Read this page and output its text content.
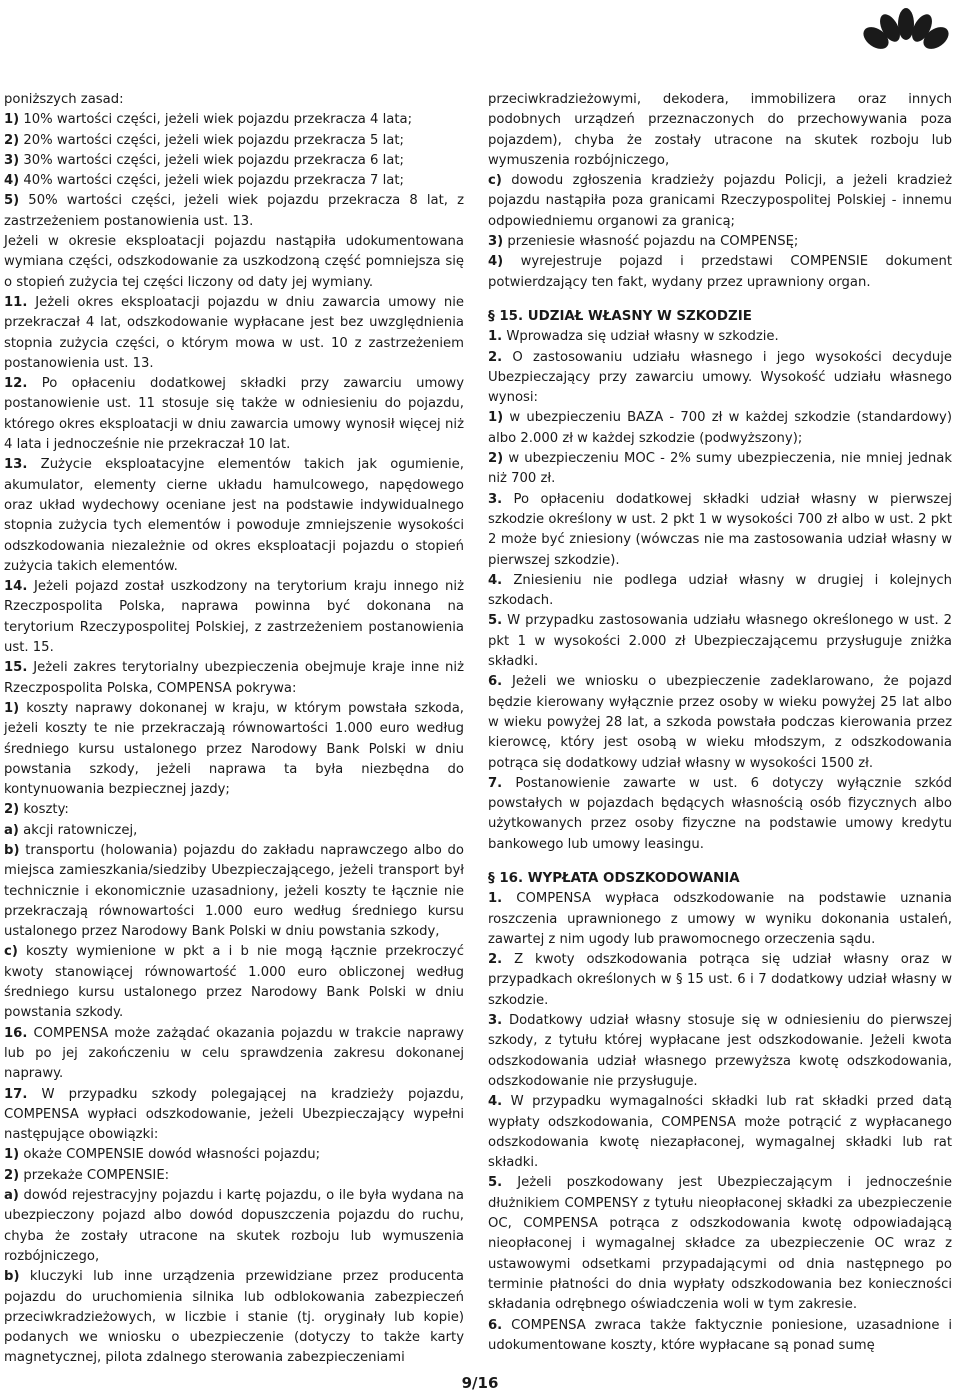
poniższych zasad:

1) 10% wartości części, jeżeli wiek pojazdu przekracza 4 lata;

2) 20% wartości części, jeżeli wiek pojazdu przekracza 5 lat;

3) 30% wartości części, jeżeli wiek pojazdu przekracza 6 lat;

4) 40% wartości części, jeżeli wiek pojazdu przekracza 7 lat;

5) 50% wartości części, jeżeli wiek pojazdu przekracza 8 lat, z zastrzeżeniem postanowienia ust. 13.

Jeżeli w okresie eksploatacji pojazdu nastąpiła udokumentowana wymiana części, odszkodowanie za uszkodzoną część pomniejsza się o stopień zużycia tej części liczony od daty jej wymiany.

11. Jeżeli okres eksploatacji pojazdu w dniu zawarcia umowy nie przekraczał 4 lat, odszkodowanie wypłacane jest bez uwzględnienia stopnia zużycia części, o którym mowa w ust. 10 z zastrzeżeniem postanowienia ust. 13.

12. Po opłaceniu dodatkowej składki przy zawarciu umowy postanowienie ust. 11 stosuje się także w odniesieniu do pojazdu, którego okres eksploatacji w dniu zawarcia umowy wynosił więcej niż 4 lata i jednocześnie nie przekraczał 10 lat.

13. Zużycie eksploatacyjne elementów takich jak ogumienie, akumulator, elementy cierne układu hamulcowego, napędowego oraz układ wydechowy oceniane jest na podstawie indywidualnego stopnia zużycia tych elementów i powoduje zmniejszenie wysokości odszkodowania niezależnie od okres eksploatacji pojazdu o stopień zużycia takich elementów.

14. Jeżeli pojazd został uszkodzony na terytorium kraju innego niż Rzeczpospolita Polska, naprawa powinna być dokonana na terytorium Rzeczypospolitej Polskiej, z zastrzeżeniem postanowienia ust. 15.

15. Jeżeli zakres terytorialny ubezpieczenia obejmuje kraje inne niż Rzeczpospolita Polska, COMPENSA pokrywa:

1) koszty naprawy dokonanej w kraju, w którym powstała szkoda, jeżeli koszty te nie przekraczają równowartości 1.000 euro według średniego kursu ustalonego przez Narodowy Bank Polski w dniu powstania szkody, jeżeli naprawa ta była niezbędna do kontynuowania bezpiecznej jazdy;

2) koszty:

a) akcji ratowniczej,

b) transportu (holowania) pojazdu do zakładu naprawczego albo do miejsca zamieszkania/siedziby Ubezpieczającego, jeżeli transport był technicznie i ekonomicznie uzasadniony, jeżeli koszty te łącznie nie przekraczają równowartości 1.000 euro według średniego kursu ustalonego przez Narodowy Bank Polski w dniu powstania szkody,

c) koszty wymienione w pkt a i b nie mogą łącznie przekroczyć kwoty stanowiącej równowartość 1.000 euro obliczonej według średniego kursu ustalonego przez Narodowy Bank Polski w dniu powstania szkody.

16. COMPENSA może zażądać okazania pojazdu w trakcie naprawy lub po jej zakończeniu w celu sprawdzenia zakresu dokonanej naprawy.

17. W przypadku szkody polegającej na kradzieży pojazdu, COMPENSA wypłaci odszkodowanie, jeżeli Ubezpieczający wypełni następujące obowiązki:

1) okaże COMPENSIE dowód własności pojazdu;

2) przekaże COMPENSIE:

a) dowód rejestracyjny pojazdu i kartę pojazdu, o ile była wydana na ubezpieczony pojazd albo dowód dopuszczenia pojazdu do ruchu, chyba że zostały utracone na skutek rozboju lub wymuszenia rozbójniczego,

b) kluczyki lub inne urządzenia przewidziane przez producenta pojazdu do uruchomienia silnika lub odblokowania zabezpieczeń przeciwkradzieżowych, w liczbie i stanie (tj. oryginały lub kopie) podanych we wniosku o ubezpieczenie (dotyczy to także karty magnetycznej, pilota zdalnego sterowania zabezpieczeniami

przeciwkradzieżowymi, dekodera, immobilizera oraz innych podobnych urządzeń przeznaczonych do przechowywania poza pojazdem), chyba że zostały utracone na skutek rozboju lub wymuszenia rozbójniczego,

c) dowodu zgłoszenia kradzieży pojazdu Policji, a jeżeli kradzież pojazdu nastąpiła poza granicami Rzeczypospolitej Polskiej - innemu odpowiedniemu organowi za granicą;

3) przeniesie własność pojazdu na COMPENSĘ;

4) wyrejestruje pojazd i przedstawi COMPENSIE dokument potwierdzający ten fakt, wydany przez uprawniony organ.

§ 15. UDZIAŁ WŁASNY W SZKODZIE

1. Wprowadza się udział własny w szkodzie.

2. O zastosowaniu udziału własnego i jego wysokości decyduje Ubezpieczający przy zawarciu umowy. Wysokość udziału własnego wynosi:

1) w ubezpieczeniu BAZA - 700 zł w każdej szkodzie (standardowy) albo 2.000 zł w każdej szkodzie (podwyższony);

2) w ubezpieczeniu MOC - 2% sumy ubezpieczenia, nie mniej jednak niż 700 zł.

3. Po opłaceniu dodatkowej składki udział własny w pierwszej szkodzie określony w ust. 2 pkt 1 w wysokości 700 zł albo w ust. 2 pkt 2 może być zniesiony (wówczas nie ma zastosowania udział własny w pierwszej szkodzie).

4. Zniesieniu nie podlega udział własny w drugiej i kolejnych szkodach.

5. W przypadku zastosowania udziału własnego określonego w ust. 2 pkt 1 w wysokości 2.000 zł Ubezpieczającemu przysługuje zniżka składki.

6. Jeżeli we wniosku o ubezpieczenie zadeklarowano, że pojazd będzie kierowany wyłącznie przez osoby w wieku powyżej 25 lat albo w wieku powyżej 28 lat, a szkoda powstała podczas kierowania przez kierowcę, który jest osobą w wieku młodszym, z odszkodowania potrąca się dodatkowy udział własny w wysokości 1500 zł.

7. Postanowienie zawarte w ust. 6 dotyczy wyłącznie szkód powstałych w pojazdach będących własnością osób fizycznych albo użytkowanych przez osoby fizyczne na podstawie umowy kredytu bankowego lub umowy leasingu.

§ 16. WYPŁATA ODSZKODOWANIA

1. COMPENSA wypłaca odszkodowanie na podstawie uznania roszczenia uprawnionego z umowy w wyniku dokonania ustaleń, zawartej z nim ugody lub prawomocnego orzeczenia sądu.

2. Z kwoty odszkodowania potrąca się udział własny oraz w przypadkach określonych w § 15 ust. 6 i 7 dodatkowy udział własny w szkodzie.

3. Dodatkowy udział własny stosuje się w odniesieniu do pierwszej szkody, z tytułu której wypłacane jest odszkodowanie. Jeżeli kwota odszkodowania udział własnego przewyższa kwotę odszkodowania, odszkodowanie nie przysługuje.

4. W przypadku wymagalności składki lub rat składki przed datą wypłaty odszkodowania, COMPENSA może potrącić z wypłacanego odszkodowania kwotę niezapłaconej, wymagalnej składki lub rat składki.

5. Jeżeli poszkodowany jest Ubezpieczającym i jednocześnie dłużnikiem COMPENSY z tytułu nieopłaconej składki za ubezpieczenie OC, COMPENSA potrąca z odszkodowania kwotę odpowiadającą nieopłaconej i wymagalnej składce za ubezpieczenie OC wraz z ustawowymi odsetkami przypadającymi od dnia następnego po terminie płatności do dnia wypłaty odszkodowania bez konieczności składania odrębnego oświadczenia woli w tym zakresie.

6. COMPENSA zwraca także faktycznie poniesione, uzasadnione i udokumentowane koszty, które wypłacane są ponad sumę

9/16
